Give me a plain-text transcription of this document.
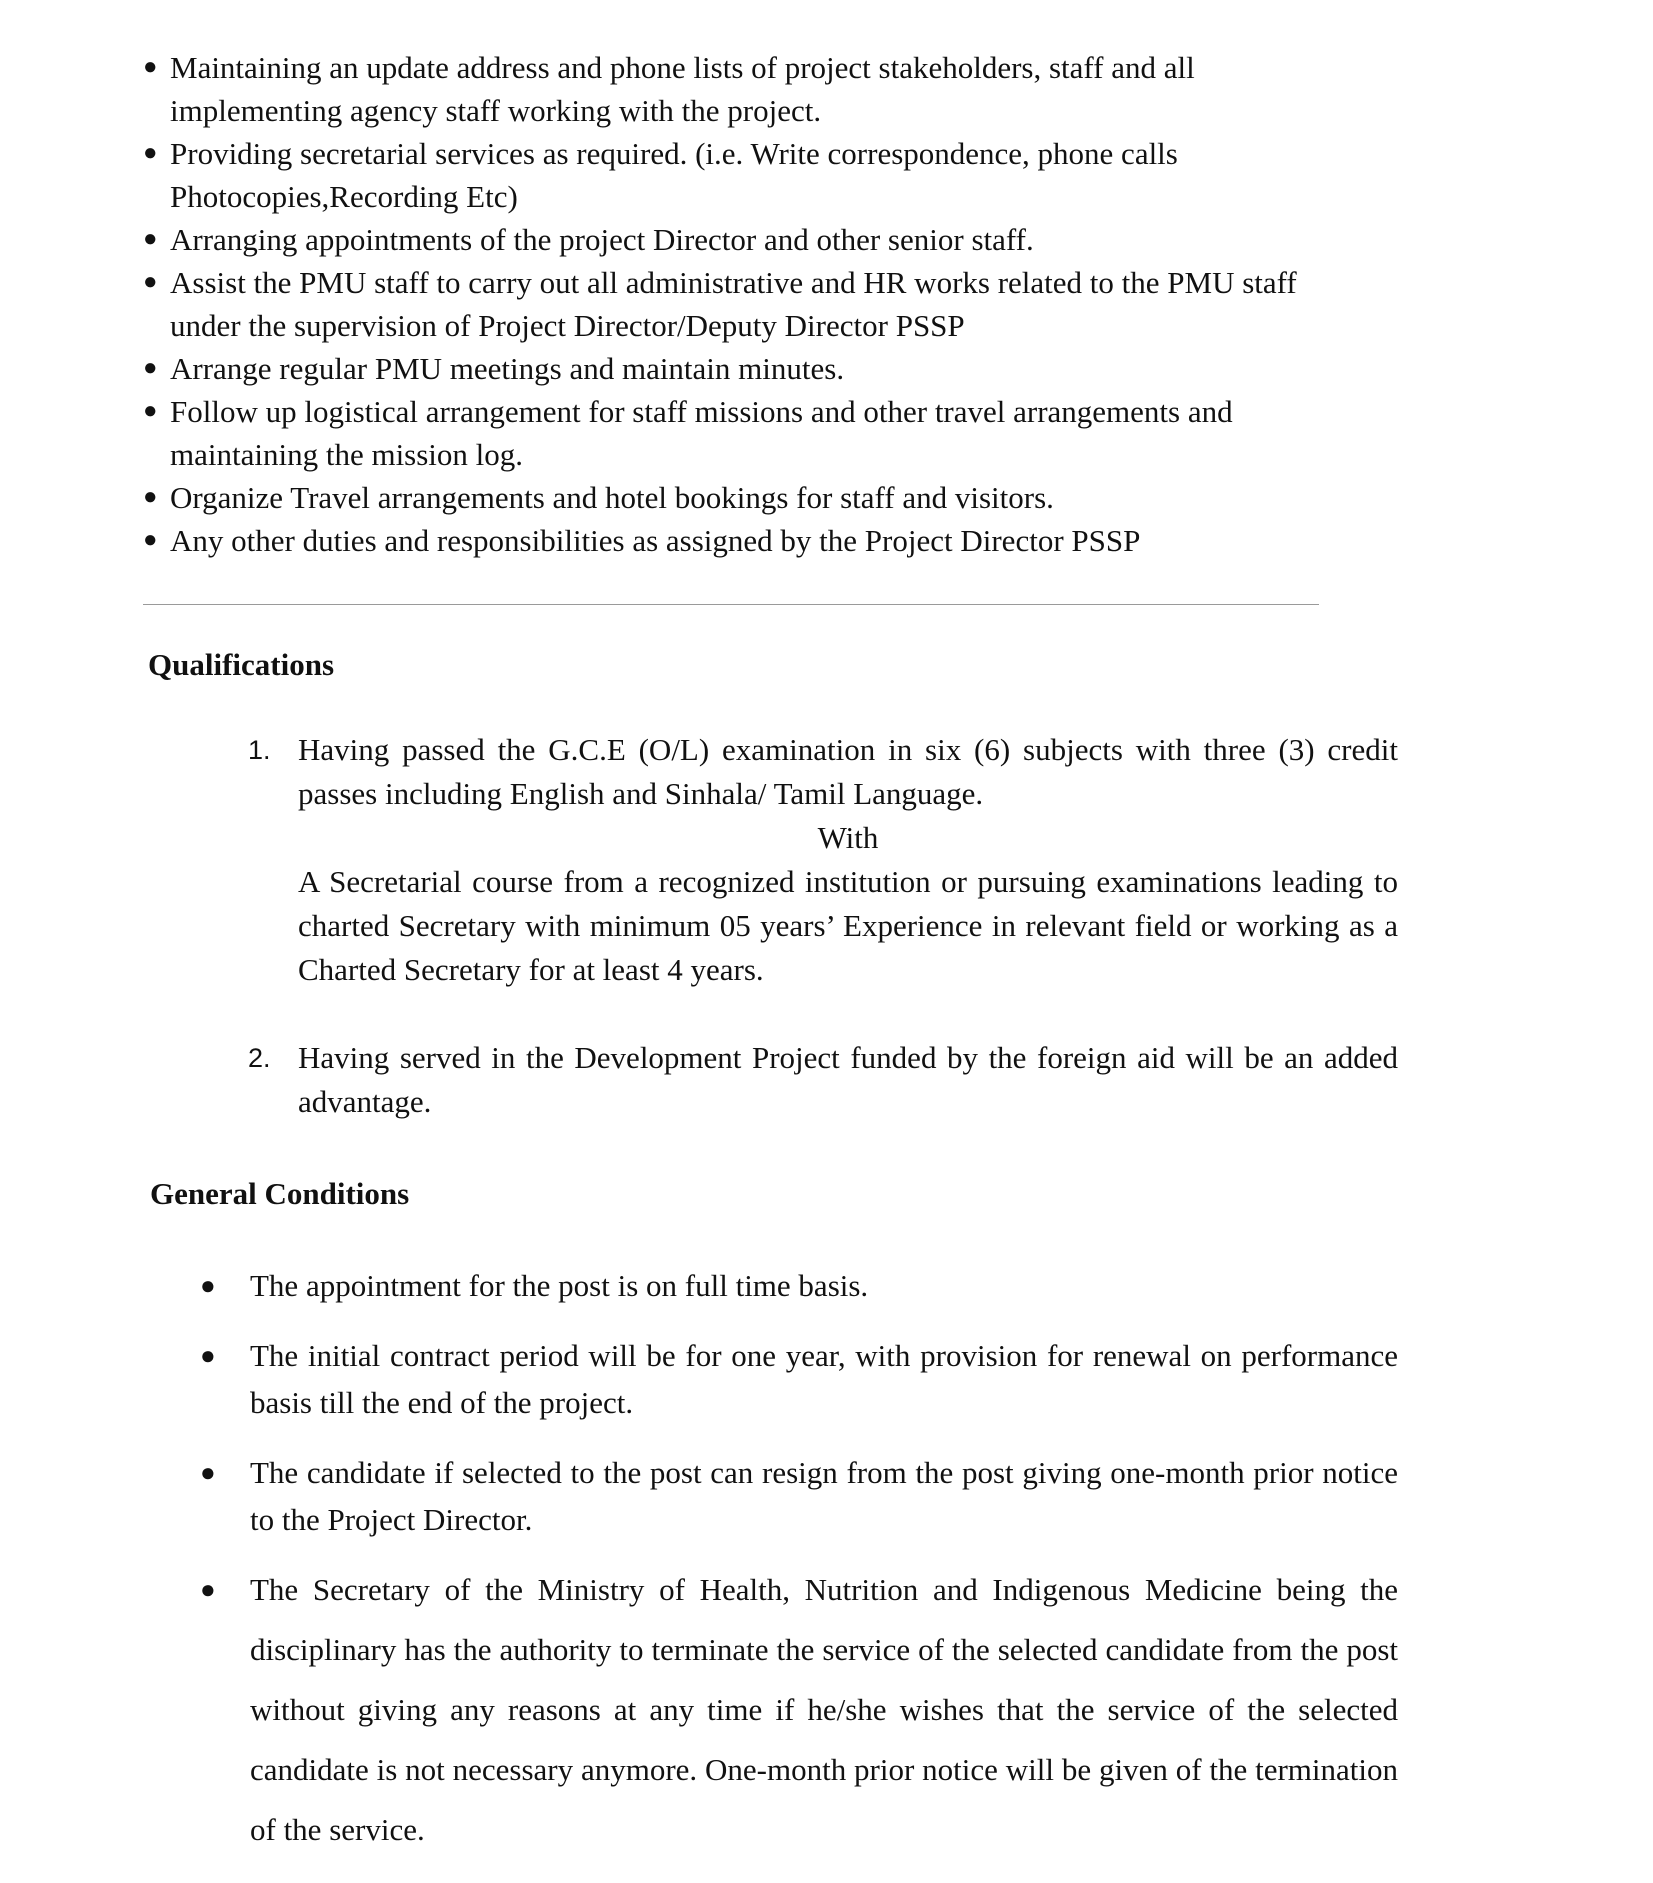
● Maintaining an update address and phone lists of project stakeholders, staff and all
implementing agency staff working with the project.
● Providing secretarial services as required. (i.e. Write correspondence, phone calls
Photocopies,Recording Etc)
● Arranging appointments of the project Director and other senior staff.
● Assist the PMU staff to carry out all administrative and HR works related to the PMU staff
under the supervision of Project Director/Deputy Director PSSP
● Arrange regular PMU meetings and maintain minutes.
● Follow up logistical arrangement for staff missions and other travel arrangements and
maintaining the mission log.
● Organize Travel arrangements and hotel bookings for staff and visitors.
● Any other duties and responsibilities as assigned by the Project Director PSSP
Qualifications
1. Having passed the G.C.E (O/L) examination in six (6) subjects with three (3) credit passes including English and Sinhala/ Tamil Language.
With
A Secretarial course from a recognized institution or pursuing examinations leading to charted Secretary with minimum 05 years’ Experience in relevant field or working as a Charted Secretary for at least 4 years.
2. Having served in the Development Project funded by the foreign aid will be an added advantage.
General Conditions
● The appointment for the post is on full time basis.
● The initial contract period will be for one year, with provision for renewal on performance basis till the end of the project.
● The candidate if selected to the post can resign from the post giving one-month prior notice to the Project Director.
● The Secretary of the Ministry of Health, Nutrition and Indigenous Medicine being the disciplinary has the authority to terminate the service of the selected candidate from the post without giving any reasons at any time if he/she wishes that the service of the selected candidate is not necessary anymore. One-month prior notice will be given of the termination of the service.
